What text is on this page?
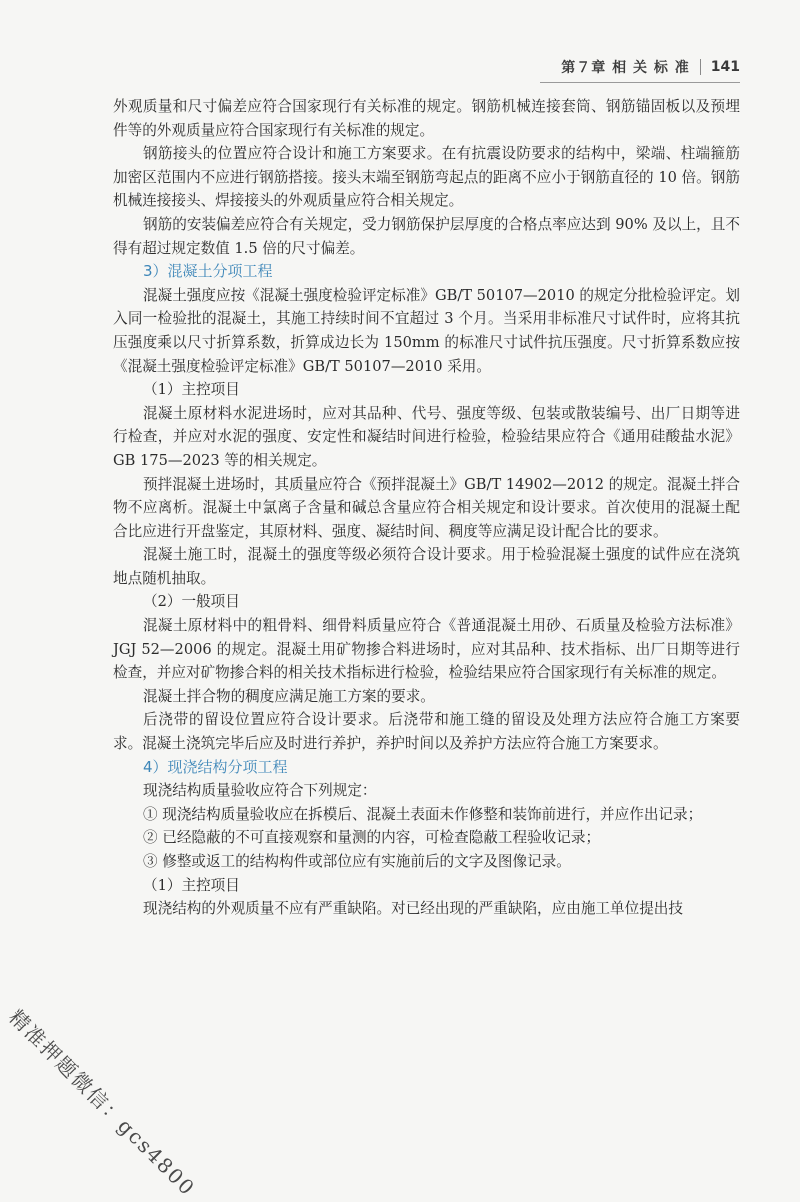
第７章 相 关 标 准 141

外观质量和尺寸偏差应符合国家现行有关标准的规定。钢筋机械连接套筒、钢筋锚固板以及预埋件等的外观质量应符合国家现行有关标准的规定。

钢筋接头的位置应符合设计和施工方案要求。在有抗震设防要求的结构中，梁端、柱端箍筋加密区范围内不应进行钢筋搭接。接头末端至钢筋弯起点的距离不应小于钢筋直径的 10 倍。钢筋机械连接接头、焊接接头的外观质量应符合相关规定。

钢筋的安装偏差应符合有关规定，受力钢筋保护层厚度的合格点率应达到 90% 及以上，且不得有超过规定数值 1.5 倍的尺寸偏差。

3）混凝土分项工程

混凝土强度应按《混凝土强度检验评定标准》GB/T 50107—2010 的规定分批检验评定。划入同一检验批的混凝土，其施工持续时间不宜超过 3 个月。当采用非标准尺寸试件时，应将其抗压强度乘以尺寸折算系数，折算成边长为 150mm 的标准尺寸试件抗压强度。尺寸折算系数应按《混凝土强度检验评定标准》GB/T 50107—2010 采用。

（1）主控项目

混凝土原材料水泥进场时，应对其品种、代号、强度等级、包装或散装编号、出厂日期等进行检查，并应对水泥的强度、安定性和凝结时间进行检验，检验结果应符合《通用硅酸盐水泥》GB 175—2023 等的相关规定。

预拌混凝土进场时，其质量应符合《预拌混凝土》GB/T 14902—2012 的规定。混凝土拌合物不应离析。混凝土中氯离子含量和碱总含量应符合相关规定和设计要求。首次使用的混凝土配合比应进行开盘鉴定，其原材料、强度、凝结时间、稠度等应满足设计配合比的要求。

混凝土施工时，混凝土的强度等级必须符合设计要求。用于检验混凝土强度的试件应在浇筑地点随机抽取。

（2）一般项目

混凝土原材料中的粗骨料、细骨料质量应符合《普通混凝土用砂、石质量及检验方法标准》JGJ 52—2006 的规定。混凝土用矿物掺合料进场时，应对其品种、技术指标、出厂日期等进行检查，并应对矿物掺合料的相关技术指标进行检验，检验结果应符合国家现行有关标准的规定。

混凝土拌合物的稠度应满足施工方案的要求。

后浇带的留设位置应符合设计要求。后浇带和施工缝的留设及处理方法应符合施工方案要求。混凝土浇筑完毕后应及时进行养护，养护时间以及养护方法应符合施工方案要求。

4）现浇结构分项工程

现浇结构质量验收应符合下列规定：

① 现浇结构质量验收应在拆模后、混凝土表面未作修整和装饰前进行，并应作出记录；

② 已经隐蔽的不可直接观察和量测的内容，可检查隐蔽工程验收记录；

③ 修整或返工的结构构件或部位应有实施前后的文字及图像记录。

（1）主控项目

现浇结构的外观质量不应有严重缺陷。对已经出现的严重缺陷，应由施工单位提出技

精准押题微信：gcs4800
